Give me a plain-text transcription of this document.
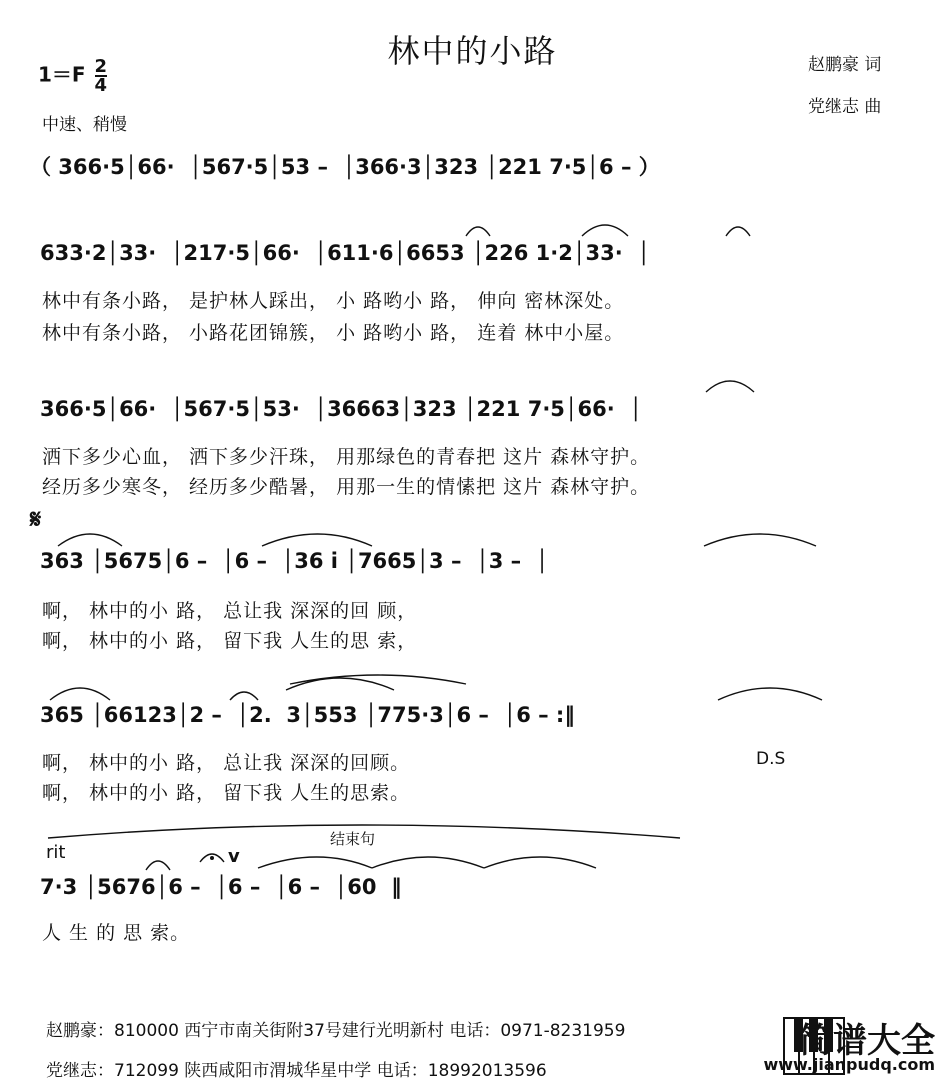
林中的小路	赵鹏豪 词
党继志 曲
$1=F \frac{2}{4}$
中速、稍慢
（ 366·5│66·  │567·5│53 –  │366·3│323 │221 7·5│6 – ）
633·2│33·  │217·5│66·  │611·6│6653 │226 1·2│33·  │
林中有条小路， 是护林人踩出， 小 路哟小 路， 伸向 密林深处。
林中有条小路， 小路花团锦簇， 小 路哟小 路， 连着 林中小屋。
366·5│66·  │567·5│53·  │36663│323 │221 7·5│66·  │
洒下多少心血， 洒下多少汗珠， 用那绿色的青春把 这片 森林守护。
经历多少寒冬， 经历多少酷暑， 用那一生的情愫把 这片 森林守护。
𝄋
363 │5675│6 –  │6 –  │36 i │7665│3 –  │3 –  │
啊， 林中的小 路， 总让我 深深的回 顾，
啊， 林中的小 路， 留下我 人生的思 索，
365 │66123│2 –  │2.  3│553 │775·3│6 –  │6 – :‖
啊， 林中的小 路， 总让我 深深的回顾。	D.S
啊， 林中的小 路， 留下我 人生的思索。
rit
结束句
v
7·3 │5676│6 –  │6 –  │6 –  │60  ‖
人 生 的 思 索。
赵鹏豪：810000 西宁市南关街附37号建行光明新村 电话：0971-8231959
党继志：712099 陕西咸阳市渭城华星中学 电话：18992013596
简谱大全
www.jianpudq.com
